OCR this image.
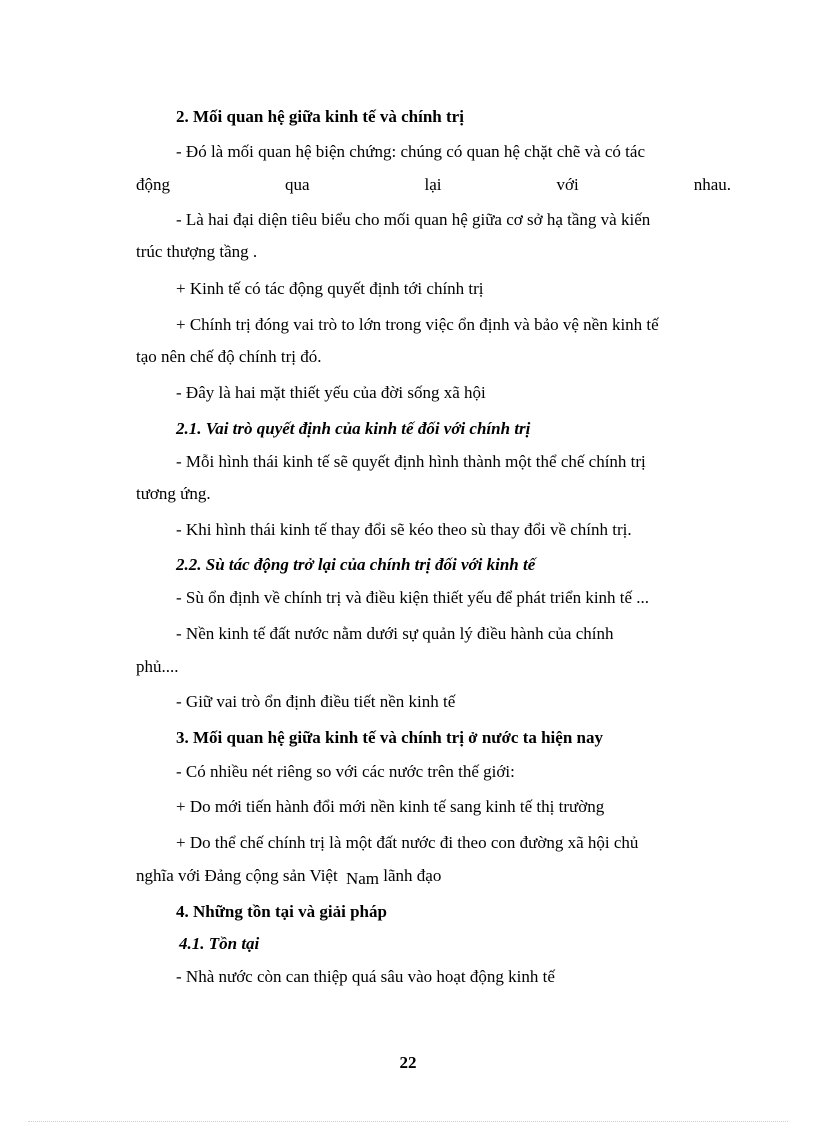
2. Mối quan hệ giữa kinh tế và chính trị
- Đó là mối quan hệ biện chứng: chúng có quan hệ chặt chẽ và có tác
động	qua	lại	với	nhau.
- Là hai đại diện tiêu biểu cho mối quan hệ giữa cơ sở hạ tầng và kiến
trúc thượng tầng .
+ Kinh tế có tác động quyết định tới chính trị
+ Chính trị đóng vai trò to lớn trong việc ổn định và bảo vệ nền kinh tế
tạo nên chế độ chính trị đó.
- Đây là hai mặt thiết yếu của đời sống xã hội
2.1. Vai trò quyết định của kinh tế đối với chính trị
- Mỗi hình thái kinh tế sẽ quyết định hình thành một thể chế chính trị
tương ứng.
- Khi hình thái kinh tế thay đổi sẽ kéo theo sù thay đổi về chính trị.
2.2. Sù tác động trở lại của chính trị đối với kinh tế
- Sù ổn định về chính trị và điều kiện thiết yếu để phát triển kinh tế ...
- Nền kinh tế đất nước nằm dưới sự quản lý điều hành của chính
phủ....
- Giữ vai trò ổn định điều tiết nền kinh tế
3. Mối quan hệ giữa kinh tế và chính trị ở nước ta hiện nay
- Có nhiều nét riêng so với các nước trên thế giới:
+ Do mới tiến hành đổi mới nền kinh tế sang kinh tế thị trường
+ Do thể chế chính trị là một đất nước đi theo con đường xã hội chủ
nghĩa với Đảng cộng sản Việt Nam lãnh đạo
4. Những tồn tại và giải pháp
4.1. Tồn tại
- Nhà nước còn can thiệp quá sâu vào hoạt động kinh tế
22
